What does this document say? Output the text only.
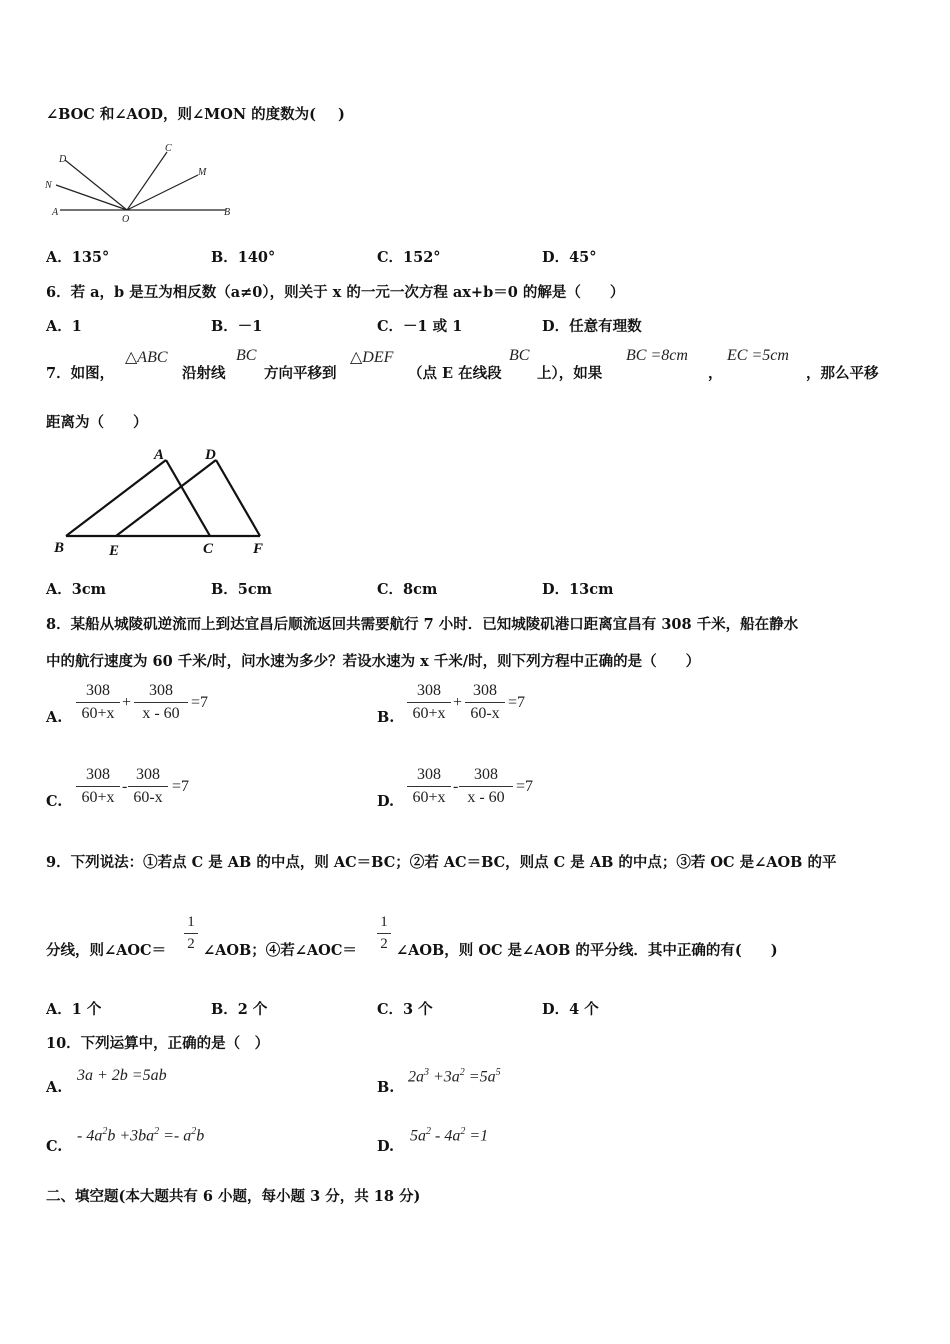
∠BOC 和∠AOD，则∠MON 的度数为( )
D
C
N
M
A
O
B
A．135°	B．140°	C．152°	D．45°
6．若 a，b 是互为相反数（a≠0），则关于 x 的一元一次方程 ax+b＝0 的解是（　　）
A．1	B．－1	C．－1 或 1	D．任意有理数
7．如图，
△ABC
沿射线
BC
方向平移到
△DEF
（点 E 在线段
BC
上），如果
BC =8cm
，
EC =5cm
，那么平移
距离为（　　）
A	D
B	E	C	F
A．3cm	B．5cm	C．8cm	D．13cm
8．某船从城陵矶逆流而上到达宜昌后顺流返回共需要航行 7 小时．已知城陵矶港口距离宜昌有 308 千米，船在静水
中的航行速度为 60 千米/时，问水速为多少？若设水速为 x 千米/时，则下列方程中正确的是（　　）
A. $\frac{308}{60+x} + \frac{308}{x - 60} =7$
B. $\frac{308}{60+x} + \frac{308}{60-x} =7$
C. $\frac{308}{60+x} - \frac{308}{60-x} =7$
D. $\frac{308}{60+x} - \frac{308}{x - 60} =7$
9．下列说法：①若点 C 是 AB 的中点，则 AC＝BC；②若 AC＝BC，则点 C 是 AB 的中点；③若 OC 是∠AOB 的平
分线，则∠AOC＝ $\frac{1}{2}$ ∠AOB；④若∠AOC＝ $\frac{1}{2}$ ∠AOB，则 OC 是∠AOB 的平分线．其中正确的有(　　)
A．1 个	B．2 个	C．3 个	D．4 个
10．下列运算中，正确的是（　）
A.
3a + 2b =5ab
B.
$2a^3 +3a^2 =5a^5$
C.
- $4a^2b +3ba^2 =- a^2b$
D.
$5a^2 - 4a^2 =1$
二、填空题(本大题共有 6 小题，每小题 3 分，共 18 分)
